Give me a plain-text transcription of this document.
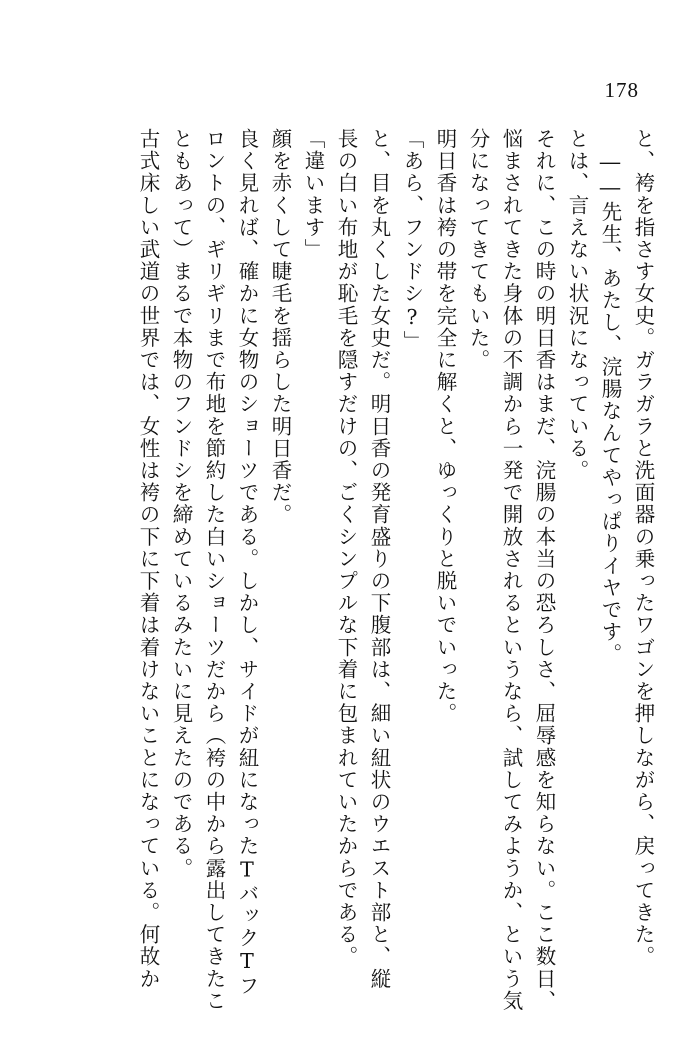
178
と、袴を指さす女史。ガラガラと洗面器の乗ったワゴンを押しながら、戻ってきた。
――先生、あたし、浣腸なんてやっぱりイヤです。
とは、言えない状況になっている。
それに、この時の明日香はまだ、浣腸の本当の恐ろしさ、屈辱感を知らない。ここ数日、
悩まされてきた身体の不調から一発で開放されるというなら、試してみようか、という気
分になってきてもいた。
明日香は袴の帯を完全に解くと、ゆっくりと脱いでいった。
「あら、フンドシ?」
と、目を丸くした女史だ。明日香の発育盛りの下腹部は、細い紐状のウエスト部と、縦
長の白い布地が恥毛を隠すだけの、ごくシンプルな下着に包まれていたからである。
「違います」
顔を赤くして睫毛を揺らした明日香だ。
良く見れば、確かに女物のショーツである。しかし、サイドが紐になったTバックTフ
ロントの、ギリギリまで布地を節約した白いショーツだから（袴の中から露出してきたこ
ともあって）まるで本物のフンドシを締めているみたいに見えたのである。
古式床しい武道の世界では、女性は袴の下に下着は着けないことになっている。何故か
